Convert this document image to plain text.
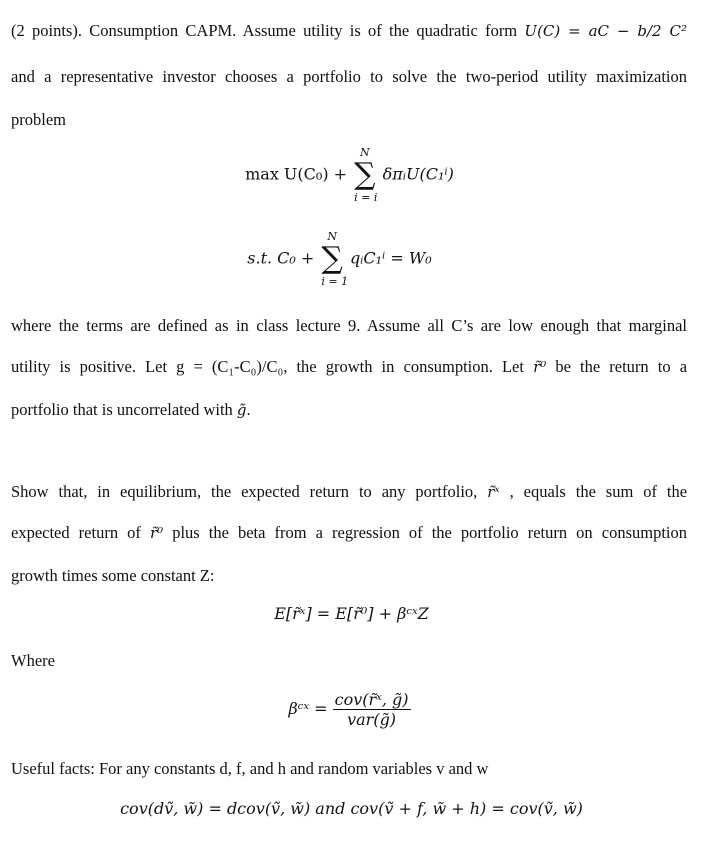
(2 points). Consumption CAPM. Assume utility is of the quadratic form U(C) = aC − b/2 C²
and a representative investor chooses a portfolio to solve the two-period utility maximization
problem
max U(C₀) +
N
∑
i = i
δπᵢU(C₁ⁱ)
s.t. C₀ +
N
∑
i = 1
qᵢC₁ⁱ = W₀
where the terms are defined as in class lecture 9. Assume all C’s are low enough that marginal
utility is positive. Let g = (C₁-C₀)/C₀, the growth in consumption. Let r̃⁰ be the return to a
portfolio that is uncorrelated with g̃.
Show that, in equilibrium, the expected return to any portfolio, r̃ˣ , equals the sum of the
expected return of r̃⁰ plus the beta from a regression of the portfolio return on consumption
growth times some constant Z:
E[r̃ˣ] = E[r̃⁰] + βᶜˣZ
Where
βᶜˣ = $\frac{\text{cov(r̃ˣ, g̃)}}{\text{var(g̃)}}$
Useful facts: For any constants d, f, and h and random variables v and w
cov(dṽ, w̃) = dcov(ṽ, w̃) and cov(ṽ + f, w̃ + h) = cov(ṽ, w̃)
